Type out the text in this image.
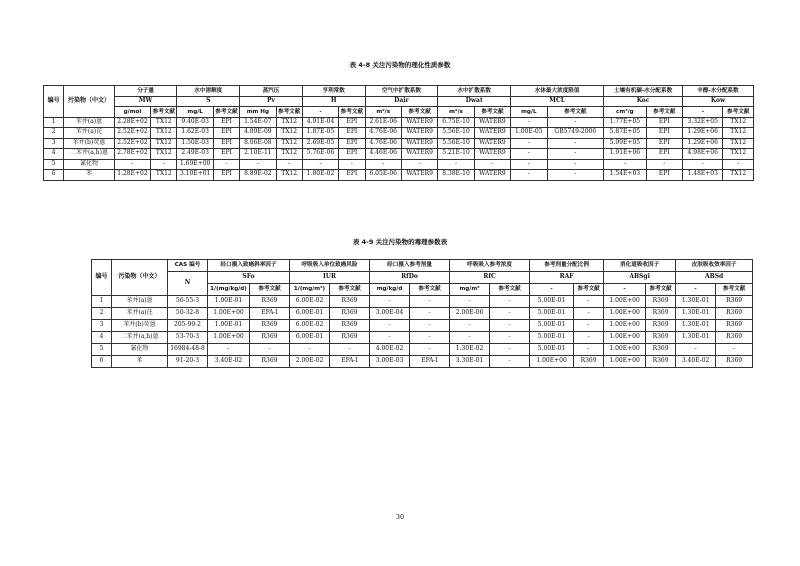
表 4-8 关注污染物的理化性质参数
编号	污染物（中文）	分子量		水中溶解度		蒸汽压		亨利常数		空气中扩散系数		水中扩散系数		水体最大浓度限值		土壤有机碳-水分配系数		辛醇-水分配系数	
		MW		S		Pv		H		Dair		Dwat		MCL		Koc		Kow	
		g/mol	参考文献	mg/L	参考文献	mm Hg	参考文献	-	参考文献	m²/s	参考文献	m²/s	参考文献	mg/L	参考文献	cm³/g	参考文献	-	参考文献
1	苯并(a)蒽	2.28E+02	TX12	9.40E-03	EPI	1.54E-07	TX12	4.91E-04	EPI	2.61E-06	WATER9	6.75E-10	WATER9	-	-	1.77E+05	EPI	3.32E+05	TX12
2	苯并(a)芘	2.52E+02	TX12	1.62E-03	EPI	4.89E-09	TX12	1.87E-05	EPI	4.76E-06	WATER9	5.56E-10	WATER9	1.00E-05	GB5749-2006	5.87E+05	EPI	1.29E+06	TX12
3	苯并(b)荧蒽	2.52E+02	TX12	1.50E-03	EPI	8.06E-08	TX12	2.69E-05	EPI	4.76E-06	WATER9	5.56E-10	WATER9	-	-	5.99E+05	EPI	1.29E+06	TX12
4	二苯并(a,h)蒽	2.78E+02	TX12	2.49E-03	EPI	2.10E-11	TX12	5.76E-06	EPI	4.46E-06	WATER9	5.21E-10	WATER9	-	-	1.91E+06	EPI	4.98E+06	TX12
5	氰化物	-	-	1.69E+00	-	-	-	-	-	-	-	-	-	-	-	-	-	-	-
6	苯	1.28E+02	TX12	3.10E+01	EPI	8.89E-02	TX12	1.80E-02	EPI	6.05E-06	WATER9	8.38E-10	WATER9	-	-	1.54E+03	EPI	1.48E+03	TX12
表 4-9 关注污染物的毒理参数表
编号	污染物（中文）	CAS 编号	经口摄入致癌斜率因子		呼吸吸入单位致癌风险		经口摄入参考剂量		呼吸吸入参考浓度		参考剂量分配比例		消化道吸收因子		皮肤吸收效率因子	
		N	SFo		IUR		RfDo		RfC		RAF		ABSgi		ABSd	
			1/(mg/kg/d)	参考文献	1/(mg/m³)	参考文献	mg/kg/d	参考文献	mg/m³	参考文献	-	参考文献	-	参考文献	-	参考文献
1	苯并(a)蒽	56-55-3	1.00E-01	R369	6.00E-02	R369	-	-	-	-	5.00E-01	-	1.00E+00	R369	1.30E-01	R369
2	苯并(a)芘	50-32-8	1.00E+00	EPA-I	6.00E-01	R369	3.00E-04	-	2.00E-06	-	5.00E-01	-	1.00E+00	R369	1.30E-01	R369
3	苯并(b)荧蒽	205-99-2	1.00E-01	R369	6.00E-02	R369	-	-	-	-	5.00E-01	-	1.00E+00	R369	1.30E-01	R369
4	二苯并(a,h)蒽	53-70-3	1.00E+00	R369	6.00E-01	R369	-	-	-	-	5.00E-01	-	1.00E+00	R369	1.30E-01	R369
5	氰化物	16984-48-8	-	-	-	-	4.00E-02	-	1.30E-02	-	5.00E-01	-	1.00E+00	R369	-	-
6	苯	91-20-3	3.40E-02	R369	2.00E-02	EPA-I	3.00E-03	EPA-I	3.30E-01	-	1.00E+00	R369	1.00E+00	R369	3.40E-02	R369
30
